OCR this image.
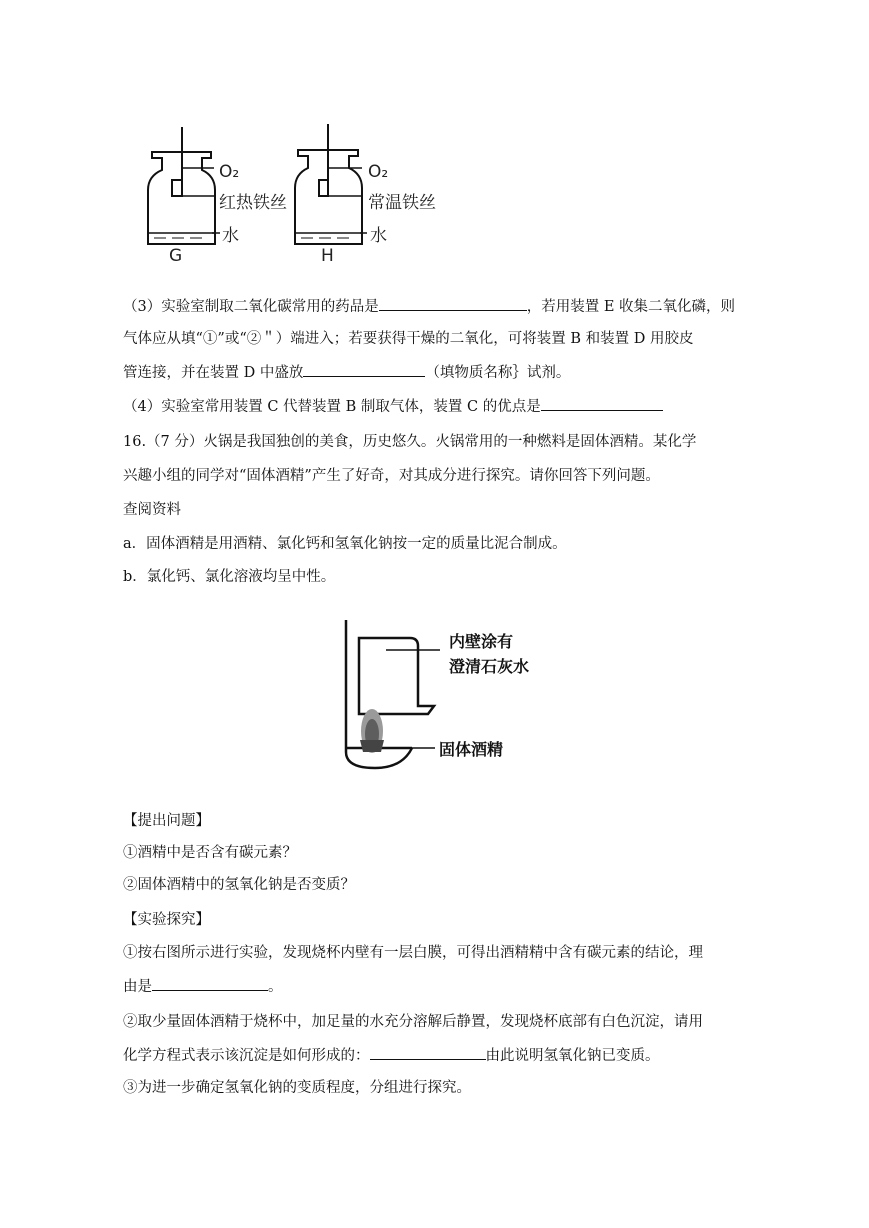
O₂
红热铁丝
水
G
O₂
常温铁丝
水
H
（3）实验室制取二氧化碳常用的药品是	，若用装置 E 收集二氧化磷，则
气体应从填“①”或“②＂）端进入；若要获得干燥的二氧化，可将装置 B 和装置 D 用胶皮
管连接，并在装置 D 中盛放	（填物质名称｝试剂。
（4）实验室常用装置 C 代替装置 B 制取气体，装置 C 的优点是
16.（7 分）火锅是我国独创的美食，历史悠久。火锅常用的一种燃料是固体酒精。某化学
兴趣小组的同学对“固体酒精”产生了好奇，对其成分进行探究。请你回答下列问题。
查阅资料
a．固体酒精是用酒精、氯化钙和氢氧化钠按一定的质量比泥合制成。
b．氯化钙、氯化溶液均呈中性。
内壁涂有
澄清石灰水
固体酒精
【提出问题】
①酒精中是否含有碳元素？
②固体酒精中的氢氧化钠是否变质？
【实验探究】
①按右图所示进行实验，发现烧杯内壁有一层白膜，可得出酒精精中含有碳元素的结论，理
由是	。
②取少量固体酒精于烧杯中，加足量的水充分溶解后静置，发现烧杯底部有白色沉淀，请用
化学方程式表示该沉淀是如何形成的：	由此说明氢氧化钠已变质。
③为进一步确定氢氧化钠的变质程度，分组进行探究。
